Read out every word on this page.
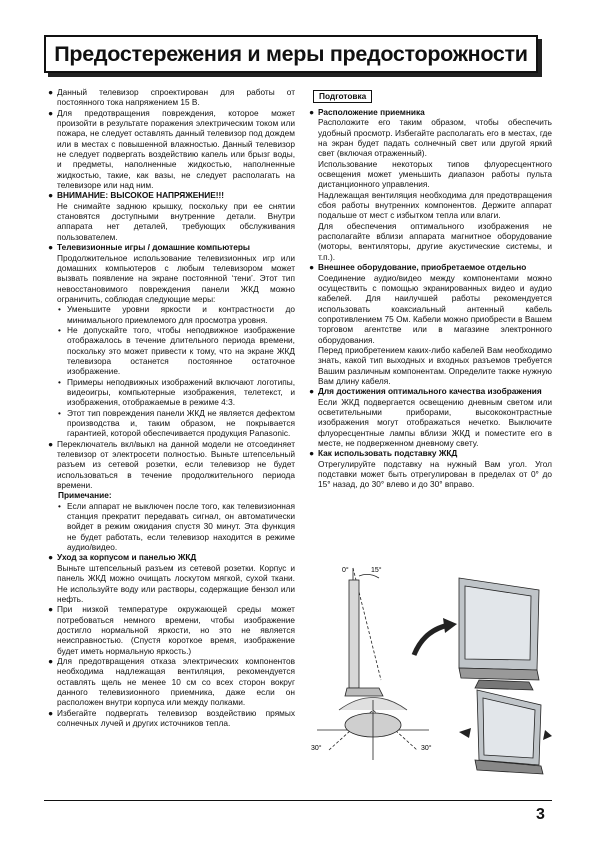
Предостережения и меры предосторожности

● Данный телевизор спроектирован для работы от постоянного тока напряжением 15 В.

● Для предотвращения повреждения, которое может произойти в результате поражения электрическим током или пожара, не следует оставлять данный телевизор под дождем или в местах с повышенной влажностью. Данный телевизор не следует подвергать воздействию капель или брызг воды, и предметы, наполненные жидкостью, наполненные жидкостью, такие, как вазы, не следует располагать на телевизоре или над ним.

● ВНИМАНИЕ: ВЫСОКОЕ НАПРЯЖЕНИЕ!!!

Не снимайте заднюю крышку, поскольку при ее снятии становятся доступными внутренние детали. Внутри аппарата нет деталей, требующих обслуживания пользователем.

● Телевизионные игры / домашние компьютеры

Продолжительное использование телевизионных игр или домашних компьютеров с любым телевизором может вызвать появление на экране постоянной ‘тени’. Этот тип невосстановимого повреждения панели ЖКД можно ограничить, соблюдая следующие меры:

• Уменьшите уровни яркости и контрастности до минимального приемлемого для просмотра уровня.

• Не допускайте того, чтобы неподвижное изображение отображалось в течение длительного периода времени, поскольку это может привести к тому, что на экране ЖКД телевизора останется постоянное остаточное изображение.

• Примеры неподвижных изображений включают логотипы, видеоигры, компьютерные изображения, телетекст, и изображения, отображаемые в режиме 4:3.

• Этот тип повреждения панели ЖКД не является дефектом производства и, таким образом, не покрывается гарантией, которой обеспечивается продукция Panasonic.

● Переключатель вкл/выкл на данной модели не отсоединяет телевизор от электросети полностью. Выньте штепсельный разъем из сетевой розетки, если телевизор не будет использоваться в течение продолжительного периода времени.

Примечание:

• Если аппарат не выключен после того, как телевизионная станция прекратит передавать сигнал, он автоматически войдет в режим ожидания спустя 30 минут. Эта функция не будет работать, если телевизор находится в режиме аудио/видео.

● Уход за корпусом и панелью ЖКД

Выньте штепсельный разъем из сетевой розетки. Корпус и панель ЖКД можно очищать лоскутом мягкой, сухой ткани. Не используйте воду или растворы, содержащие бензол или нефть.

● При низкой температуре окружающей среды может потребоваться немного времени, чтобы изображение достигло нормальной яркости, но это не является неисправностью. (Спустя короткое время, изображение будет иметь нормальную яркость.)

● Для предотвращения отказа электрических компонентов необходима надлежащая вентиляция, рекомендуется оставлять щель не менее 10 см со всех сторон вокруг данного телевизионного приемника, даже если он расположен внутри корпуса или между полками.

● Избегайте подвергать телевизор воздействию прямых солнечных лучей и других источников тепла.

Подготовка

● Расположение приемника

Расположите его таким образом, чтобы обеспечить удобный просмотр. Избегайте располагать его в местах, где на экран будет падать солнечный свет или другой яркий свет (включая отраженный).

Использование некоторых типов флуоресцентного освещения может уменьшить диапазон работы пульта дистанционного управления.

Надлежащая вентиляция необходима для предотвращения сбоя работы внутренних компонентов. Держите аппарат подальше от мест с избытком тепла или влаги.

Для обеспечения оптимального изображения не располагайте вблизи аппарата магнитное оборудование (моторы, вентиляторы, другие акустические системы, и т.п.).

● Внешнее оборудование, приобретаемое отдельно

Соединение аудио/видео между компонентами можно осуществить с помощью экранированных видео и аудио кабелей. Для наилучшей работы рекомендуется использовать коаксиальный антенный кабель сопротивлением 75 Ом. Кабели можно приобрести в Вашем торговом агентстве или в магазине электронного оборудования.

Перед приобретением каких-либо кабелей Вам необходимо знать, какой тип выходных и входных разъемов требуется Вашим различным компонентам. Определите также нужную Вам длину кабеля.

● Для достижения оптимального качества изображения

Если ЖКД подвергается освещению дневным светом или осветительными приборами, высококонтрастные изображения могут отображаться нечетко. Выключите флуоресцентные лампы вблизи ЖКД и поместите его в месте, не подверженном дневному свету.

● Как использовать подставку ЖКД

Отрегулируйте подставку на нужный Вам угол. Угол подставки может быть отрегулирован в пределах от 0° до 15° назад, до 30° влево и до 30° вправо.

0°	15°
30°	30°
3
